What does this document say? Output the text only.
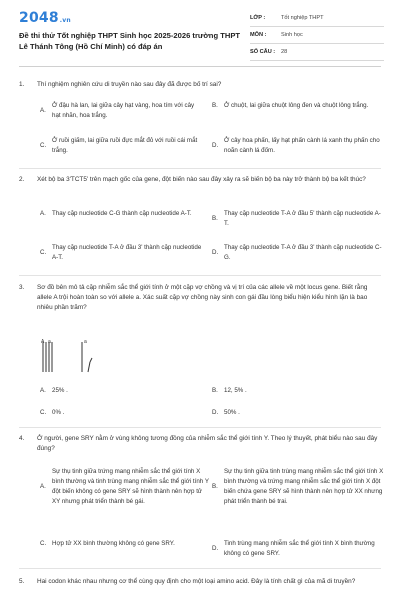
2048.vn
Đề thi thử Tốt nghiệp THPT Sinh học 2025-2026 trường THPT Lê Thánh Tông (Hồ Chí Minh) có đáp án
LỚP :	Tốt nghiệp THPT
MÔN :	Sinh học
SỐ CÂU :	28
1.	Thí nghiệm nghiên cứu di truyền nào sau đây đã được bố trí sai?
A.
Ở đậu hà lan, lai giữa cây hạt vàng, hoa tím với cây hạt nhăn, hoa trắng.
B. Ở chuột, lai giữa chuột lông đen và chuột lông trắng.
C.
Ở ruồi giấm, lai giữa ruồi đực mắt đỏ với ruồi cái mắt trắng.
D.
Ở cây hoa phấn, lấy hạt phấn cành lá xanh thụ phấn cho noãn cành lá đốm.
2.	Xét bộ ba 3'TCT5' trên mạch gốc của gene, đột biến nào sau đây xảy ra sẽ biến bộ ba này trở thành bộ ba kết thúc?
A. Thay cặp nucleotide C-G thành cặp nucleotide A-T.
B.
Thay cặp nucleotide T-A ở đầu 5' thành cặp nucleotide A-T.
C.
Thay cặp nucleotide T-A ở đầu 3' thành cặp nucleotide A-T.
D.
Thay cặp nucleotide T-A ở đầu 3' thành cặp nucleotide C-G.
3.	Sơ đồ bên mô tả cặp nhiễm sắc thể giới tính ở một cặp vợ chồng và vị trí của các allele về một locus gene. Biết rằng allele A trội hoàn toàn so với allele a. Xác suất cặp vợ chồng này sinh con gái đầu lòng biểu hiện kiểu hình lặn là bao nhiêu phần trăm?
A a	a
A. 25% .	B. 12, 5% .
C. 0% .	D. 50% .
4.	Ở người, gene SRY nằm ở vùng không tương đồng của nhiễm sắc thể giới tính Y. Theo lý thuyết, phát biểu nào sau đây đúng?
A.
Sự thụ tinh giữa trứng mang nhiễm sắc thể giới tính X bình thường và tinh trùng mang nhiễm sắc thể giới tính Y đột biến không có gene SRY sẽ hình thành nên hợp tử XY nhưng phát triển thành bé gái.
B.
Sự thụ tinh giữa tinh trùng mang nhiễm sắc thể giới tính X bình thường và trứng mang nhiễm sắc thể giới tính X đột biến chứa gene SRY sẽ hình thành nên hợp tử XX nhưng phát triển thành bé trai.
C. Hợp tử XX bình thường không có gene SRY.
D.
Tinh trùng mang nhiễm sắc thể giới tính X bình thường không có gene SRY.
5.	Hai codon khác nhau nhưng cơ thể cùng quy định cho một loại amino acid. Đây là tính chất gì của mã di truyền?
